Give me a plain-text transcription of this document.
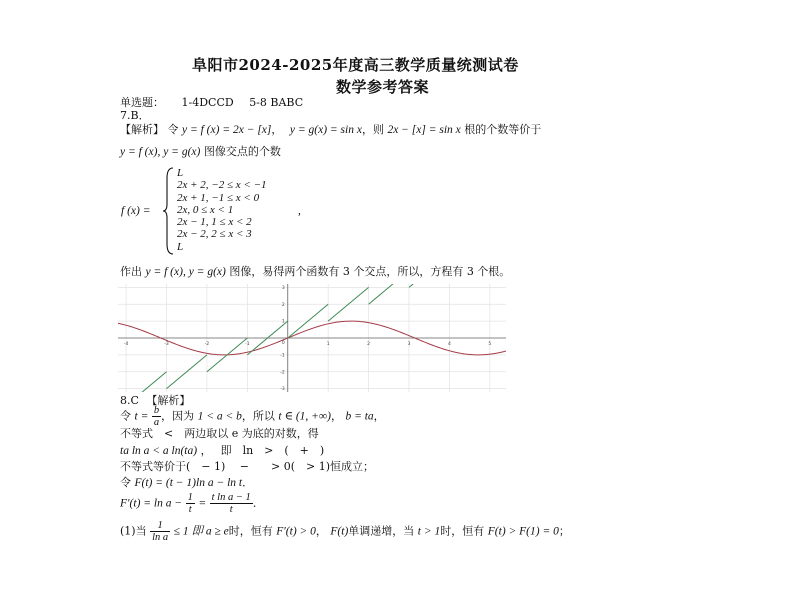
阜阳市2024-2025年度高三教学质量统测试卷
数学参考答案
单选题： 1-4DCCD 5-8 BABC
7.B．
【解析】 令 y = f (x) = 2x − [x]， y = g(x) = sin x，则 2x − [x] = sin x 根的个数等价于
y = f (x), y = g(x) 图像交点的个数
f (x) =
L
2x + 2, −2 ≤ x < −1
2x + 1, −1 ≤ x < 0
2x, 0 ≤ x < 1
2x − 1, 1 ≤ x < 2
2x − 2, 2 ≤ x < 3
L
,
作出 y = f (x), y = g(x) 图像，易得两个函数有 3 个交点，所以，方程有 3 个根。
-4	-3	-2	-1	1	2	3	4	5
-3
-2
-1
1
2
3
0
8.C 【解析】
令 $t = \frac{b}{a}$ ，因为 1 < a < b，所以 t ∈ (1, +∞)， b = ta，
不等式　<　两边取以 e 为底的对数，得
ta ln a < a ln(ta) ，　 即　ln　>　(　+　)
不等式等价于(　− 1)　 −　　> 0(　> 1)恒成立；
令 F(t) = (t − 1)ln a − ln t．
$F'(t) = \ln a - \frac{1}{t} = \frac{\text{t ln a − 1}}{t}$ ．
(1)当 $\frac{1}{\text{ln a}} \le 1$ 即 a ≥ e时，恒有 F′(t) > 0， F(t)单调递增，当 t > 1时，恒有 F(t) > F(1) = 0；
